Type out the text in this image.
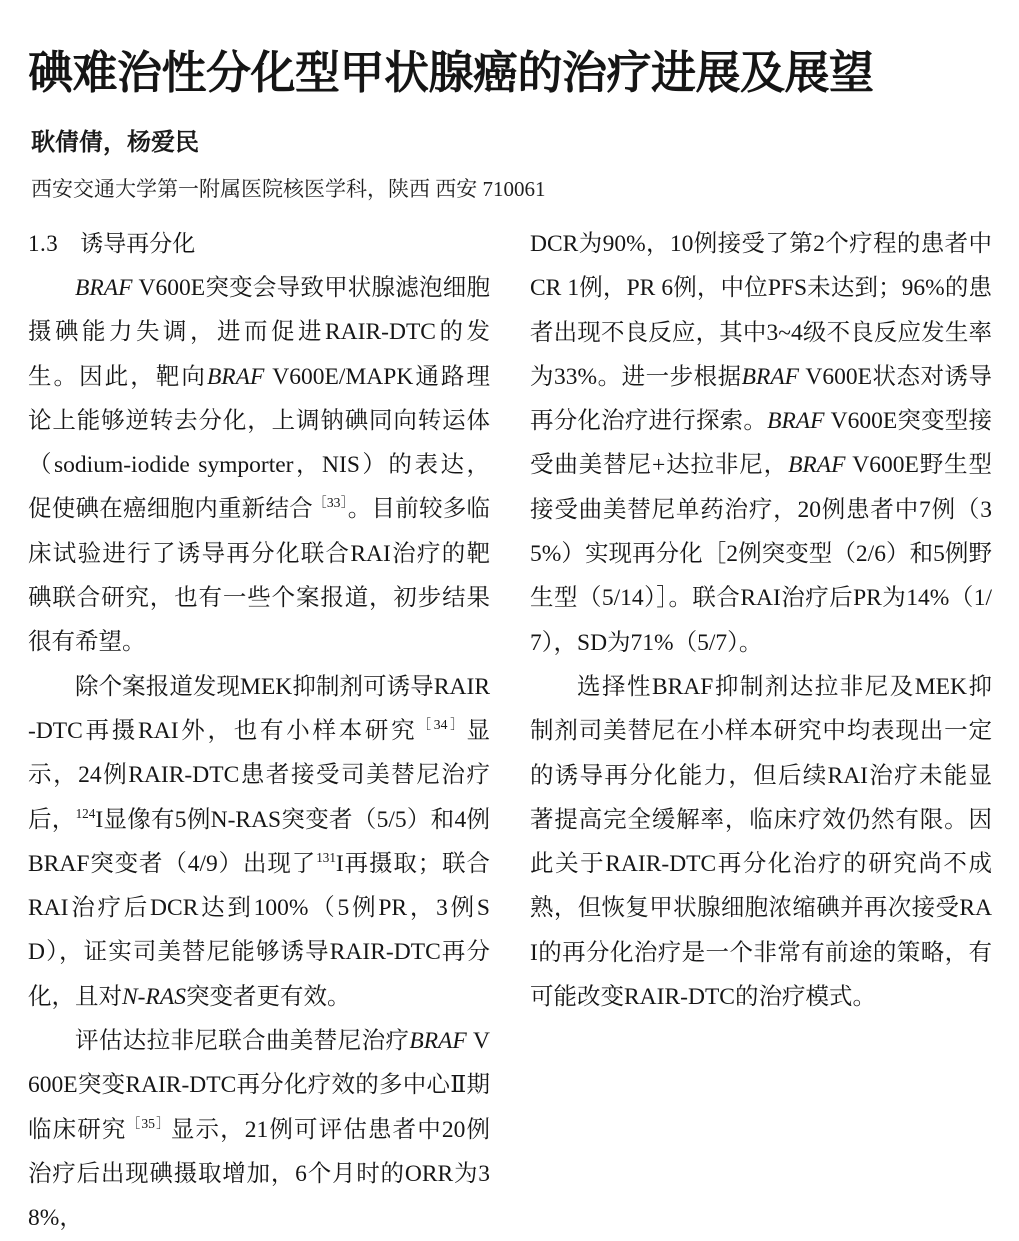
碘难治性分化型甲状腺癌的治疗进展及展望
耿倩倩，杨爱民
西安交通大学第一附属医院核医学科，陕西 西安 710061
1.3 诱导再分化

BRAF V600E突变会导致甲状腺滤泡细胞摄碘能力失调，进而促进RAIR-DTC的发生。因此，靶向BRAF V600E/MAPK通路理论上能够逆转去分化，上调钠碘同向转运体（sodium-iodide symporter，NIS）的表达，促使碘在癌细胞内重新结合$^{[33]}$。目前较多临床试验进行了诱导再分化联合RAI治疗的靶碘联合研究，也有一些个案报道，初步结果很有希望。

除个案报道发现MEK抑制剂可诱导RAIR-DTC再摄RAI外，也有小样本研究$^{[34]}$显示，24例RAIR-DTC患者接受司美替尼治疗后，$^{124}$I显像有5例N-RAS突变者（5/5）和4例BRAF突变者（4/9）出现了$^{131}$I再摄取；联合RAI治疗后DCR达到100%（5例PR，3例SD），证实司美替尼能够诱导RAIR-DTC再分化，且对N-RAS突变者更有效。

评估达拉非尼联合曲美替尼治疗BRAF V600E突变RAIR-DTC再分化疗效的多中心Ⅱ期临床研究$^{[35]}$显示，21例可评估患者中20例治疗后出现碘摄取增加，6个月时的ORR为38%，

DCR为90%，10例接受了第2个疗程的患者中CR 1例，PR 6例，中位PFS未达到；96%的患者出现不良反应，其中3~4级不良反应发生率为33%。进一步根据BRAF V600E状态对诱导再分化治疗进行探索。BRAF V600E突变型接受曲美替尼+达拉非尼，BRAF V600E野生型接受曲美替尼单药治疗，20例患者中7例（35%）实现再分化［2例突变型（2/6）和5例野生型（5/14）］。联合RAI治疗后PR为14%（1/7），SD为71%（5/7）。

选择性BRAF抑制剂达拉非尼及MEK抑制剂司美替尼在小样本研究中均表现出一定的诱导再分化能力，但后续RAI治疗未能显著提高完全缓解率，临床疗效仍然有限。因此关于RAIR-DTC再分化治疗的研究尚不成熟，但恢复甲状腺细胞浓缩碘并再次接受RAI的再分化治疗是一个非常有前途的策略，有可能改变RAIR-DTC的治疗模式。
